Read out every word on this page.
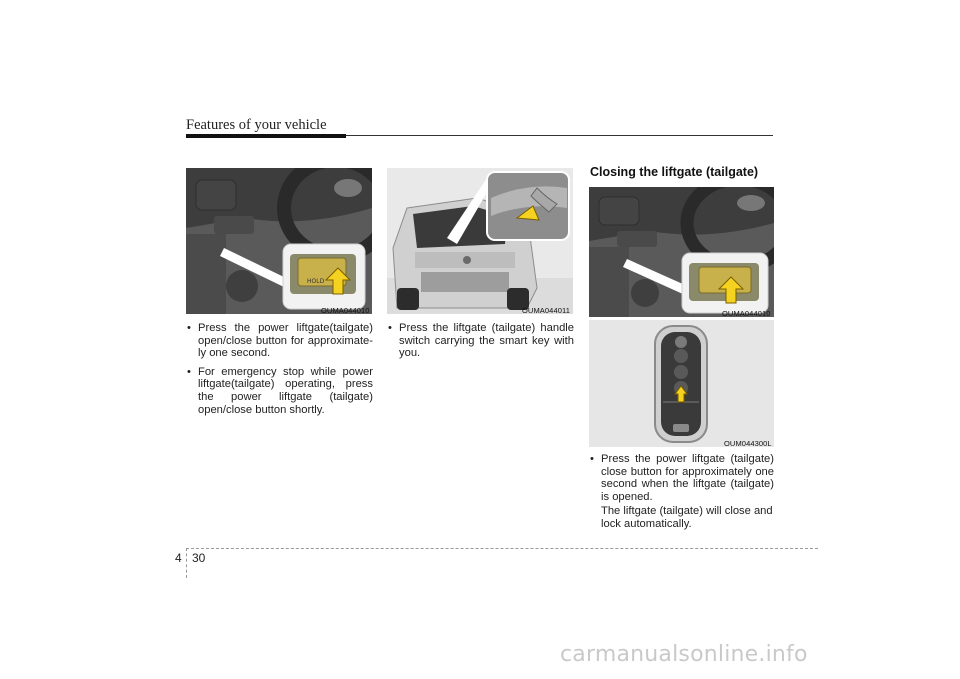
Features of your vehicle
HOLD
OUMA044010	OUMA044011
• Press the power liftgate(tailgate) open/close button for approximate-ly one second.
• For emergency stop while power liftgate(tailgate) operating, press the power liftgate (tailgate) open/close button shortly.
• Press the liftgate (tailgate) handle switch carrying the smart key with you.
Closing the liftgate (tailgate)
OUMA044010
OUM044300L
• Press the power liftgate (tailgate) close button for approximately one second when the liftgate (tailgate) is opened.
The liftgate (tailgate) will close and lock automatically.
4 30
carmanualsonline.info
